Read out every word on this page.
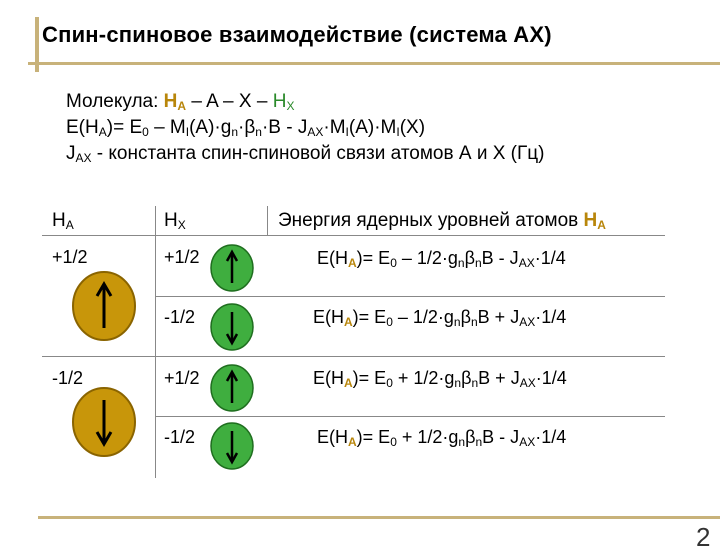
Спин-спиновое взаимодействие (система АХ)
Молекула: $H_A$ – A – X – $H_X$
$E(H_A)= E_0 - M_I(A)\cdot g_n\cdot\beta_n\cdot B - J_{AX}\cdot M_I(A)\cdot M_I(X)$
$J_{AX}$ - константа спин-спиновой связи атомов А и Х (Гц)
$H_A$	$H_X$	Энергия ядерных уровней атомов $H_A$
+1/2
-1/2
+1/2
-1/2
+1/2
-1/2
$E(H_A)= E_0 - 1/2\cdot g_n\beta_nB - J_{AX}\cdot 1/4$
$E(H_A)= E_0 - 1/2\cdot g_n\beta_nB + J_{AX}\cdot 1/4$
$E(H_A)= E_0 + 1/2\cdot g_n\beta_nB + J_{AX}\cdot 1/4$
$E(H_A)= E_0 + 1/2\cdot g_n\beta_nB - J_{AX}\cdot 1/4$
2
